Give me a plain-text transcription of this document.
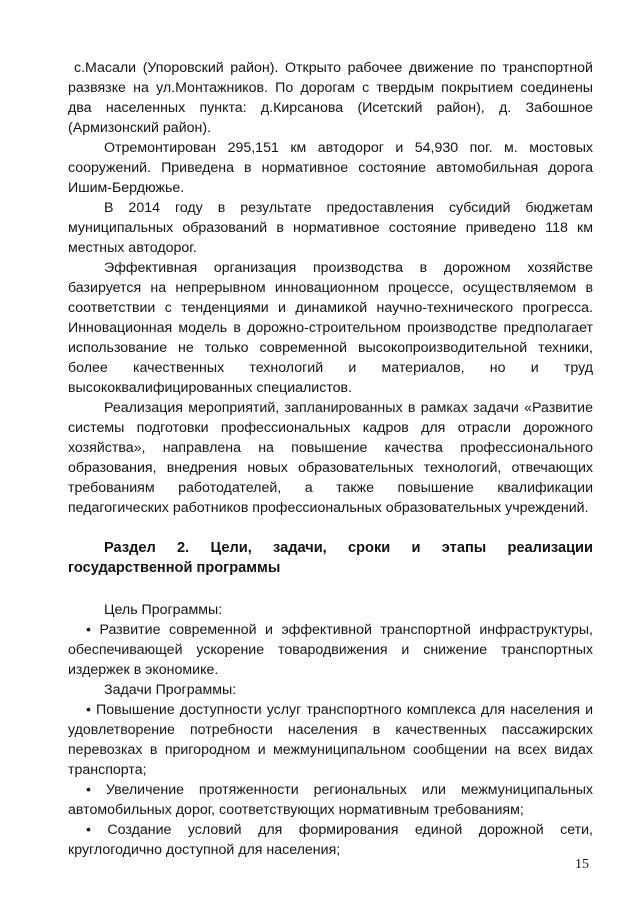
с.Масали (Упоровский район). Открыто рабочее движение по транспортной развязке на ул.Монтажников. По дорогам с твердым покрытием соединены два населенных пункта: д.Кирсанова (Исетский район), д. Забошное (Армизонский район).

Отремонтирован 295,151 км автодорог и 54,930 пог. м. мостовых сооружений. Приведена в нормативное состояние автомобильная дорога Ишим-Бердюжье.

В 2014 году в результате предоставления субсидий бюджетам муниципальных образований в нормативное состояние приведено 118 км местных автодорог.

Эффективная организация производства в дорожном хозяйстве базируется на непрерывном инновационном процессе, осуществляемом в соответствии с тенденциями и динамикой научно-технического прогресса. Инновационная модель в дорожно-строительном производстве предполагает использование не только современной высокопроизводительной техники, более качественных технологий и материалов, но и труд высококвалифицированных специалистов.

Реализация мероприятий, запланированных в рамках задачи «Развитие системы подготовки профессиональных кадров для отрасли дорожного хозяйства», направлена на повышение качества профессионального образования, внедрения новых образовательных технологий, отвечающих требованиям работодателей, а также повышение квалификации педагогических работников профессиональных образовательных учреждений.

Раздел 2. Цели, задачи, сроки и этапы реализации государственной программы

Цель Программы:

• Развитие современной и эффективной транспортной инфраструктуры, обеспечивающей ускорение товародвижения и снижение транспортных издержек в экономике.

Задачи Программы:

• Повышение доступности услуг транспортного комплекса для населения и удовлетворение потребности населения в качественных пассажирских перевозках в пригородном и межмуниципальном сообщении на всех видах транспорта;

• Увеличение протяженности региональных или межмуниципальных автомобильных дорог, соответствующих нормативным требованиям;

• Создание условий для формирования единой дорожной сети, круглогодично доступной для населения;

15
